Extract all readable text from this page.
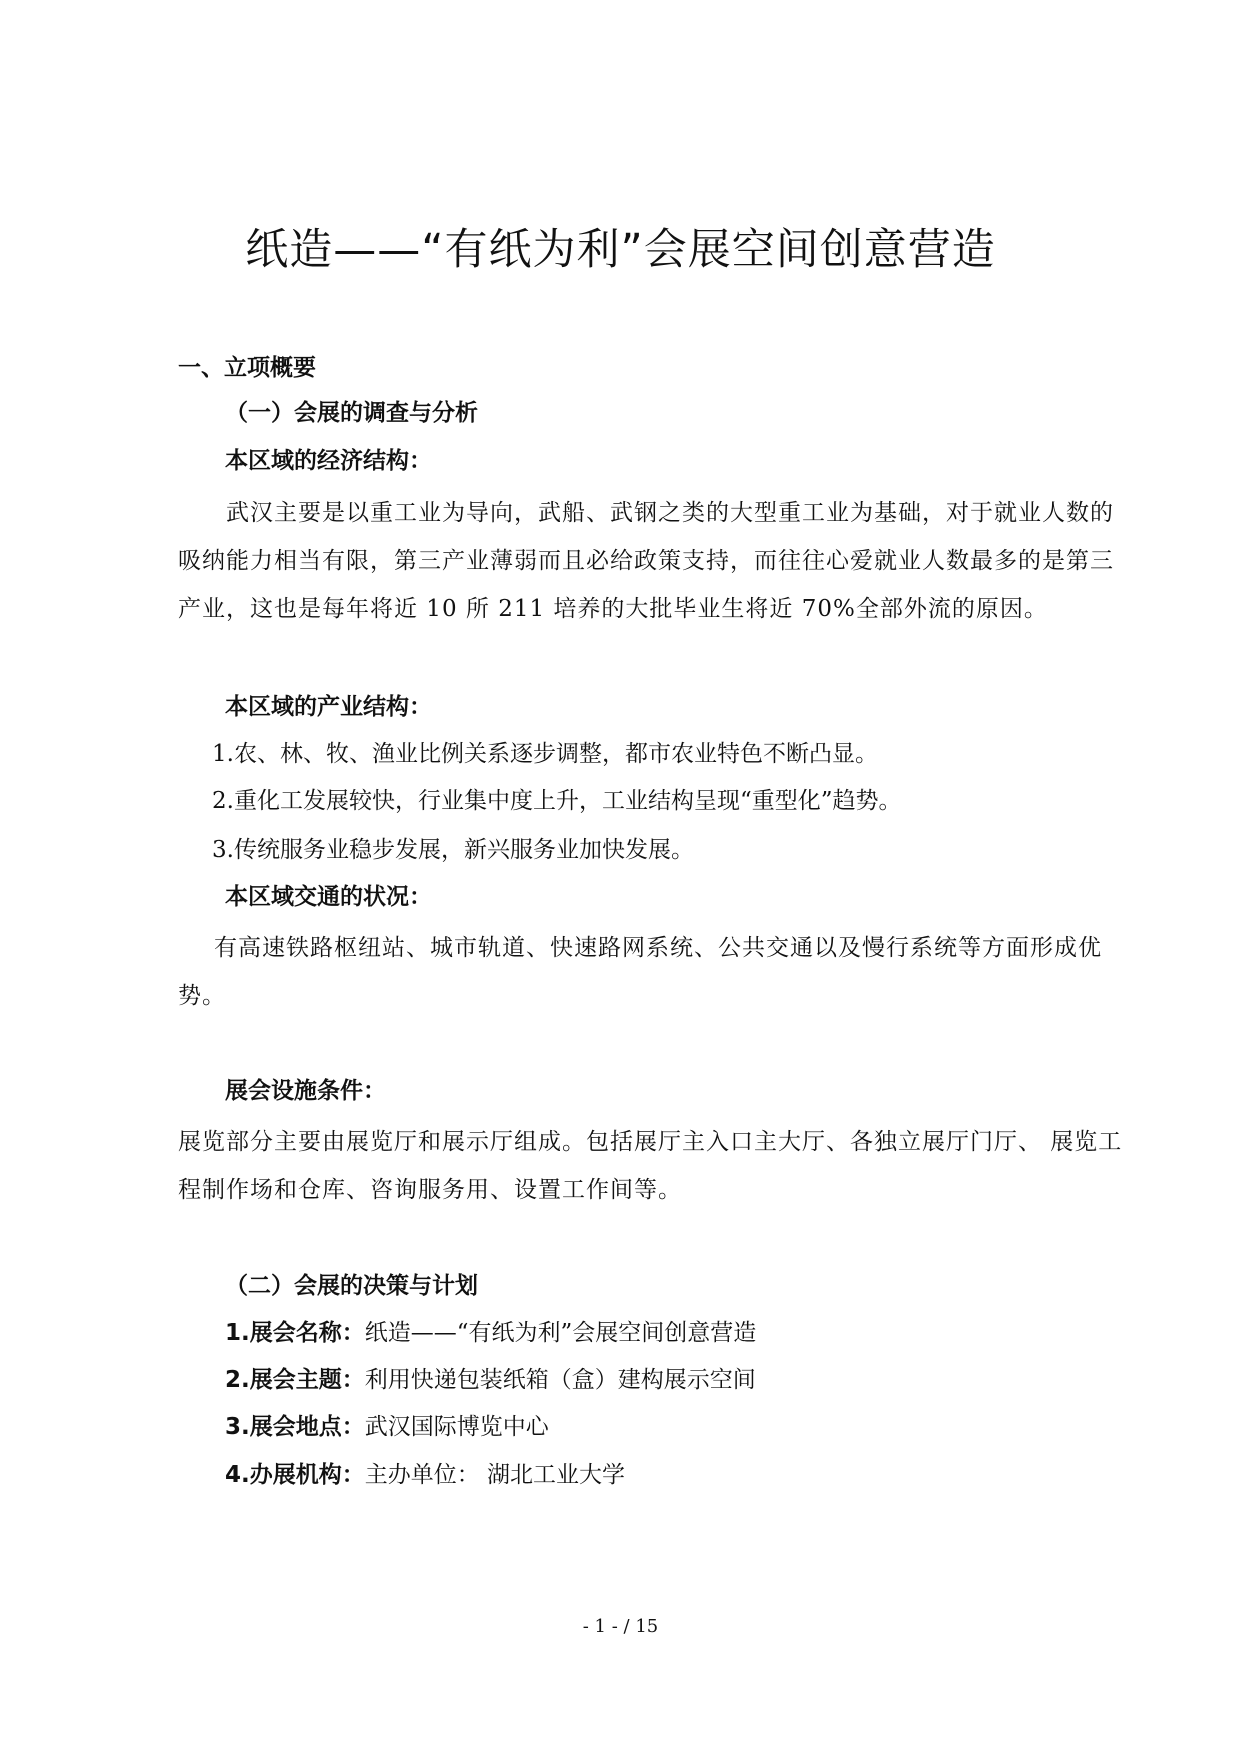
纸造——“有纸为利”会展空间创意营造
一、立项概要
（一）会展的调查与分析
本区域的经济结构：
武汉主要是以重工业为导向，武船、武钢之类的大型重工业为基础，对于就业人数的吸纳能力相当有限，第三产业薄弱而且必给政策支持，而往往心爱就业人数最多的是第三产业，这也是每年将近 10 所 211 培养的大批毕业生将近 70%全部外流的原因。
本区域的产业结构：
1.农、林、牧、渔业比例关系逐步调整，都市农业特色不断凸显。
2.重化工发展较快，行业集中度上升，工业结构呈现“重型化”趋势。
3.传统服务业稳步发展，新兴服务业加快发展。
本区域交通的状况：
有高速铁路枢纽站、城市轨道、快速路网系统、公共交通以及慢行系统等方面形成优势。
展会设施条件：
展览部分主要由展览厅和展示厅组成。包括展厅主入口主大厅、各独立展厅门厅、 展览工程制作场和仓库、咨询服务用、设置工作间等。
（二）会展的决策与计划
1.展会名称：纸造——“有纸为利”会展空间创意营造
2.展会主题：利用快递包装纸箱（盒）建构展示空间
3.展会地点：武汉国际博览中心
4.办展机构：主办单位： 湖北工业大学
- 1 - / 15
